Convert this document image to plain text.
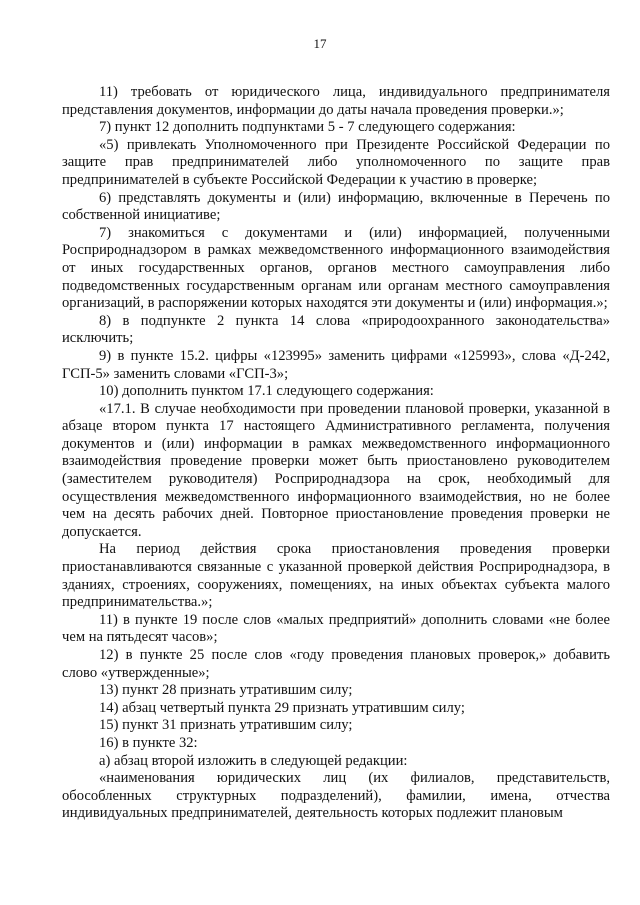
17

11) требовать от юридического лица, индивидуального предпринимателя представления документов, информации до даты начала проведения проверки.»;

7) пункт 12 дополнить подпунктами 5 - 7 следующего содержания:

«5) привлекать Уполномоченного при Президенте Российской Федерации по защите прав предпринимателей либо уполномоченного по защите прав предпринимателей в субъекте Российской Федерации к участию в проверке;

6) представлять документы и (или) информацию, включенные в Перечень по собственной инициативе;

7) знакомиться с документами и (или) информацией, полученными Росприроднадзором в рамках межведомственного информационного взаимодействия от иных государственных органов, органов местного самоуправления либо подведомственных государственным органам или органам местного самоуправления организаций, в распоряжении которых находятся эти документы и (или) информация.»;

8) в подпункте 2 пункта 14 слова «природоохранного законодательства» исключить;

9) в пункте 15.2. цифры «123995» заменить цифрами «125993», слова «Д-242, ГСП-5» заменить словами «ГСП-3»;

10) дополнить пунктом 17.1 следующего содержания:

«17.1. В случае необходимости при проведении плановой проверки, указанной в абзаце втором пункта 17 настоящего Административного регламента, получения документов и (или) информации в рамках межведомственного информационного взаимодействия проведение проверки может быть приостановлено руководителем (заместителем руководителя) Росприроднадзора на срок, необходимый для осуществления межведомственного информационного взаимодействия, но не более чем на десять рабочих дней. Повторное приостановление проведения проверки не допускается.

На период действия срока приостановления проведения проверки приостанавливаются связанные с указанной проверкой действия Росприроднадзора, в зданиях, строениях, сооружениях, помещениях, на иных объектах субъекта малого предпринимательства.»;

11) в пункте 19 после слов «малых предприятий» дополнить словами «не более чем на пятьдесят часов»;

12) в пункте 25 после слов «году проведения плановых проверок,» добавить слово «утвержденные»;

13) пункт 28 признать утратившим силу;

14) абзац четвертый пункта 29 признать утратившим силу;

15) пункт 31 признать утратившим силу;

16) в пункте 32:

а) абзац второй изложить в следующей редакции:

«наименования юридических лиц (их филиалов, представительств, обособленных структурных подразделений), фамилии, имена, отчества индивидуальных предпринимателей, деятельность которых подлежит плановым
